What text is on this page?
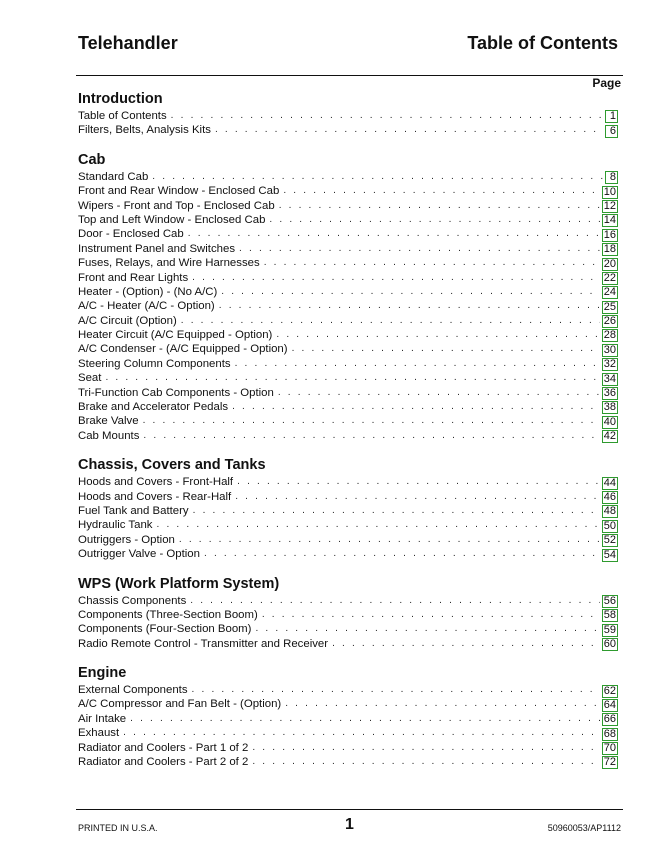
Telehandler	Table of Contents
Page
Introduction
Table of Contents . . .	1
Filters, Belts, Analysis Kits . . .	6
Cab
Standard Cab . . .	8
Front and Rear Window - Enclosed Cab . . .	10
Wipers - Front and Top - Enclosed Cab . . .	12
Top and Left Window - Enclosed Cab . . .	14
Door - Enclosed Cab . . .	16
Instrument Panel and Switches . . .	18
Fuses, Relays, and Wire Harnesses . . .	20
Front and Rear Lights . . .	22
Heater - (Option) - (No A/C) . . .	24
A/C - Heater (A/C - Option) . . .	25
A/C Circuit (Option) . . .	26
Heater Circuit (A/C Equipped - Option) . . .	28
A/C Condenser - (A/C Equipped - Option) . . .	30
Steering Column Components . . .	32
Seat . . .	34
Tri-Function Cab Components - Option . . .	36
Brake and Accelerator Pedals . . .	38
Brake Valve . . .	40
Cab Mounts . . .	42
Chassis, Covers and Tanks
Hoods and Covers - Front-Half . . .	44
Hoods and Covers - Rear-Half . . .	46
Fuel Tank and Battery . . .	48
Hydraulic Tank . . .	50
Outriggers - Option . . .	52
Outrigger Valve - Option . . .	54
WPS (Work Platform System)
Chassis Components . . .	56
Components (Three-Section Boom) . . .	58
Components (Four-Section Boom) . . .	59
Radio Remote Control - Transmitter and Receiver . . .	60
Engine
External Components . . .	62
A/C Compressor and Fan Belt - (Option) . . .	64
Air Intake . . .	66
Exhaust . . .	68
Radiator and Coolers - Part 1 of 2 . . .	70
Radiator and Coolers - Part 2 of 2 . . .	72
PRINTED IN U.S.A.	1	50960053/AP1112
